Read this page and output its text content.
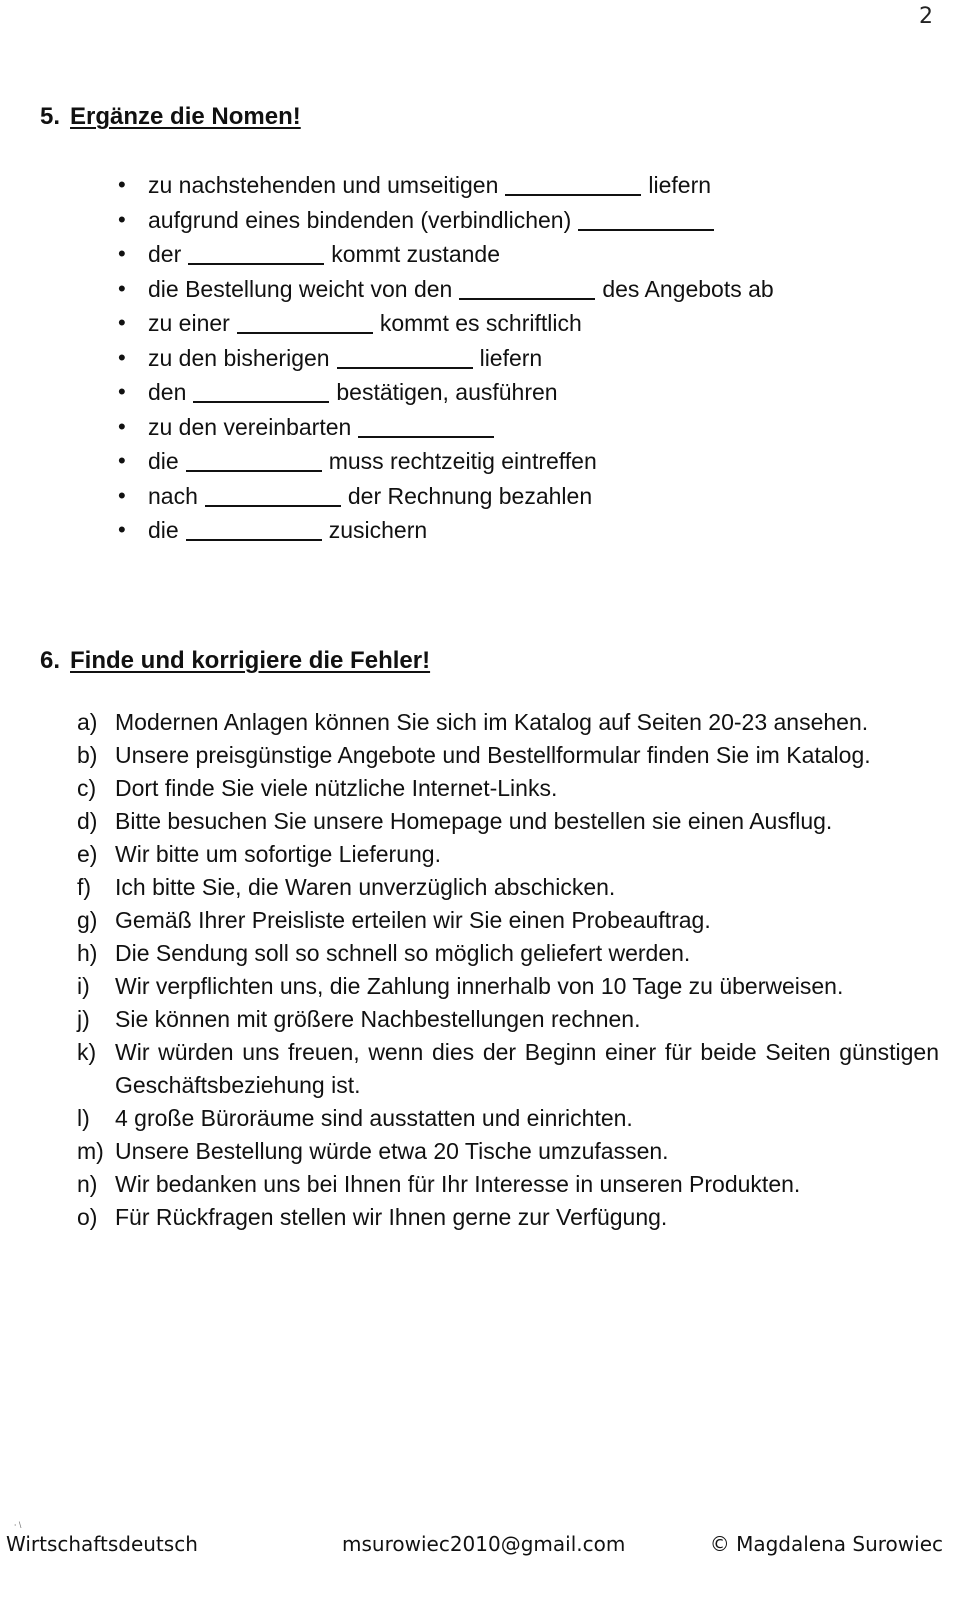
2
5. Ergänze die Nomen!
• zu nachstehenden und umseitigen	liefern
• aufgrund eines bindenden (verbindlichen)
• der	kommt zustande
• die Bestellung weicht von den	des Angebots ab
• zu einer	kommt es schriftlich
• zu den bisherigen	liefern
• den	bestätigen, ausführen
• zu den vereinbarten
• die	muss rechtzeitig eintreffen
• nach	der Rechnung bezahlen
• die	zusichern
6. Finde und korrigiere die Fehler!
a) Modernen Anlagen können Sie sich im Katalog auf Seiten 20-23 ansehen.
b) Unsere preisgünstige Angebote und Bestellformular finden Sie im Katalog.
c) Dort finde Sie viele nützliche Internet-Links.
d) Bitte besuchen Sie unsere Homepage und bestellen sie einen Ausflug.
e) Wir bitte um sofortige Lieferung.
f)	Ich bitte Sie, die Waren unverzüglich abschicken.
g) Gemäß Ihrer Preisliste erteilen wir Sie einen Probeauftrag.
h) Die Sendung soll so schnell so möglich geliefert werden.
i)	Wir verpflichten uns, die Zahlung innerhalb von 10 Tage zu überweisen.
j)	Sie können mit größere Nachbestellungen rechnen.
k) Wir würden uns freuen, wenn dies der Beginn einer für beide Seiten günstigen Geschäftsbeziehung ist.
l)	4 große Büroräume sind ausstatten und einrichten.
m) Unsere Bestellung würde etwa 20 Tische umzufassen.
n) Wir bedanken uns bei Ihnen für Ihr Interesse in unseren Produkten.
o) Für Rückfragen stellen wir Ihnen gerne zur Verfügung.
⸱ \
Wirtschaftsdeutsch	msurowiec2010@gmail.com	© Magdalena Surowiec
